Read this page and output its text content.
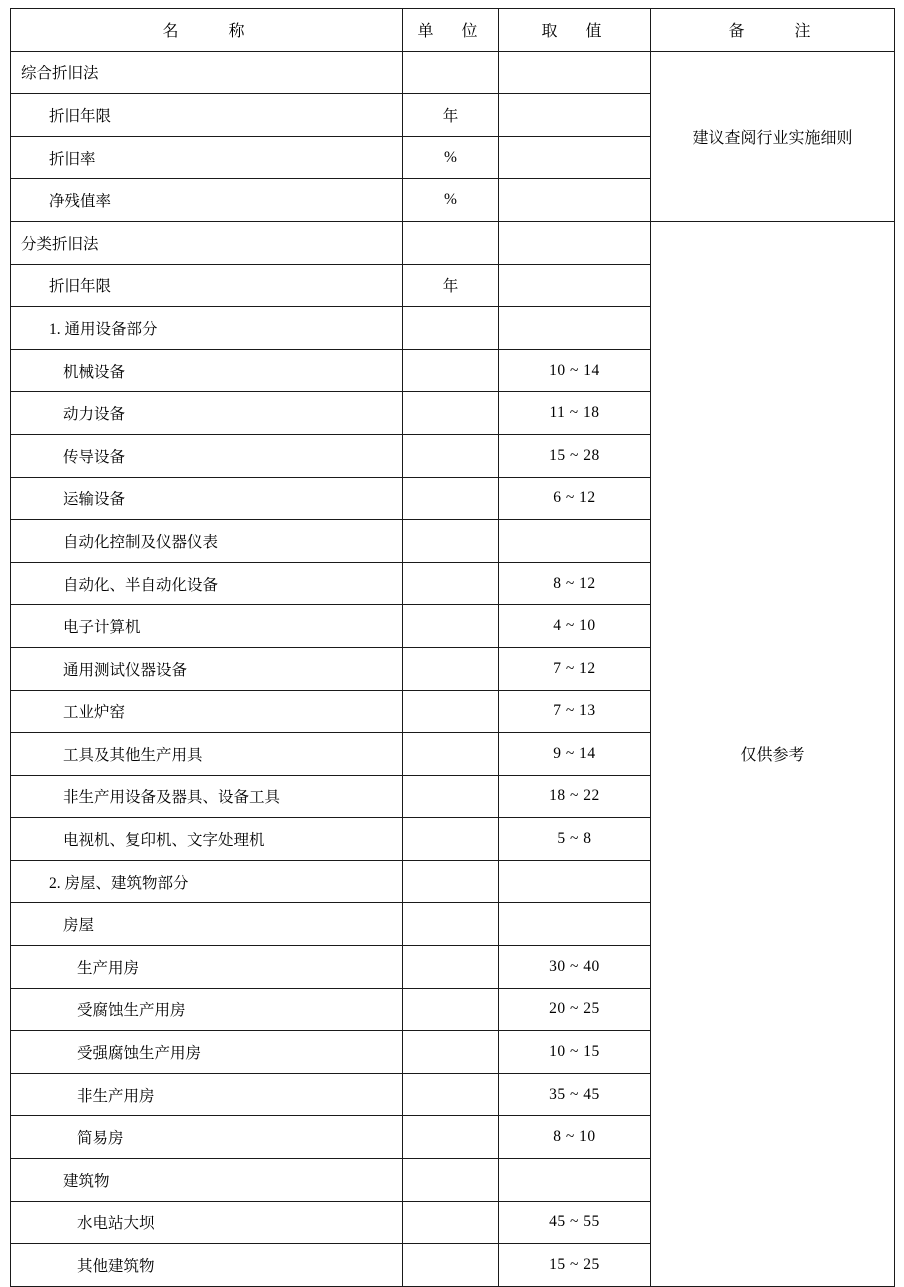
名　　称	单　位	取　值	备　　注

综合折旧法			建议查阅行业实施细则

折旧年限	年		

折旧率	%		

净残值率	%		

分类折旧法			仅供参考

折旧年限	年		

1. 通用设备部分			

机械设备		10 ~ 14	

动力设备		11 ~ 18	

传导设备		15 ~ 28	

运输设备		6 ~ 12	

自动化控制及仪器仪表			

自动化、半自动化设备		8 ~ 12	

电子计算机		4 ~ 10	

通用测试仪器设备		7 ~ 12	

工业炉窑		7 ~ 13	

工具及其他生产用具		9 ~ 14	

非生产用设备及器具、设备工具		18 ~ 22	

电视机、复印机、文字处理机		5 ~ 8	

2. 房屋、建筑物部分			

房屋			

生产用房		30 ~ 40	

受腐蚀生产用房		20 ~ 25	

受强腐蚀生产用房		10 ~ 15	

非生产用房		35 ~ 45	

简易房		8 ~ 10	

建筑物			

水电站大坝		45 ~ 55	

其他建筑物		15 ~ 25	
